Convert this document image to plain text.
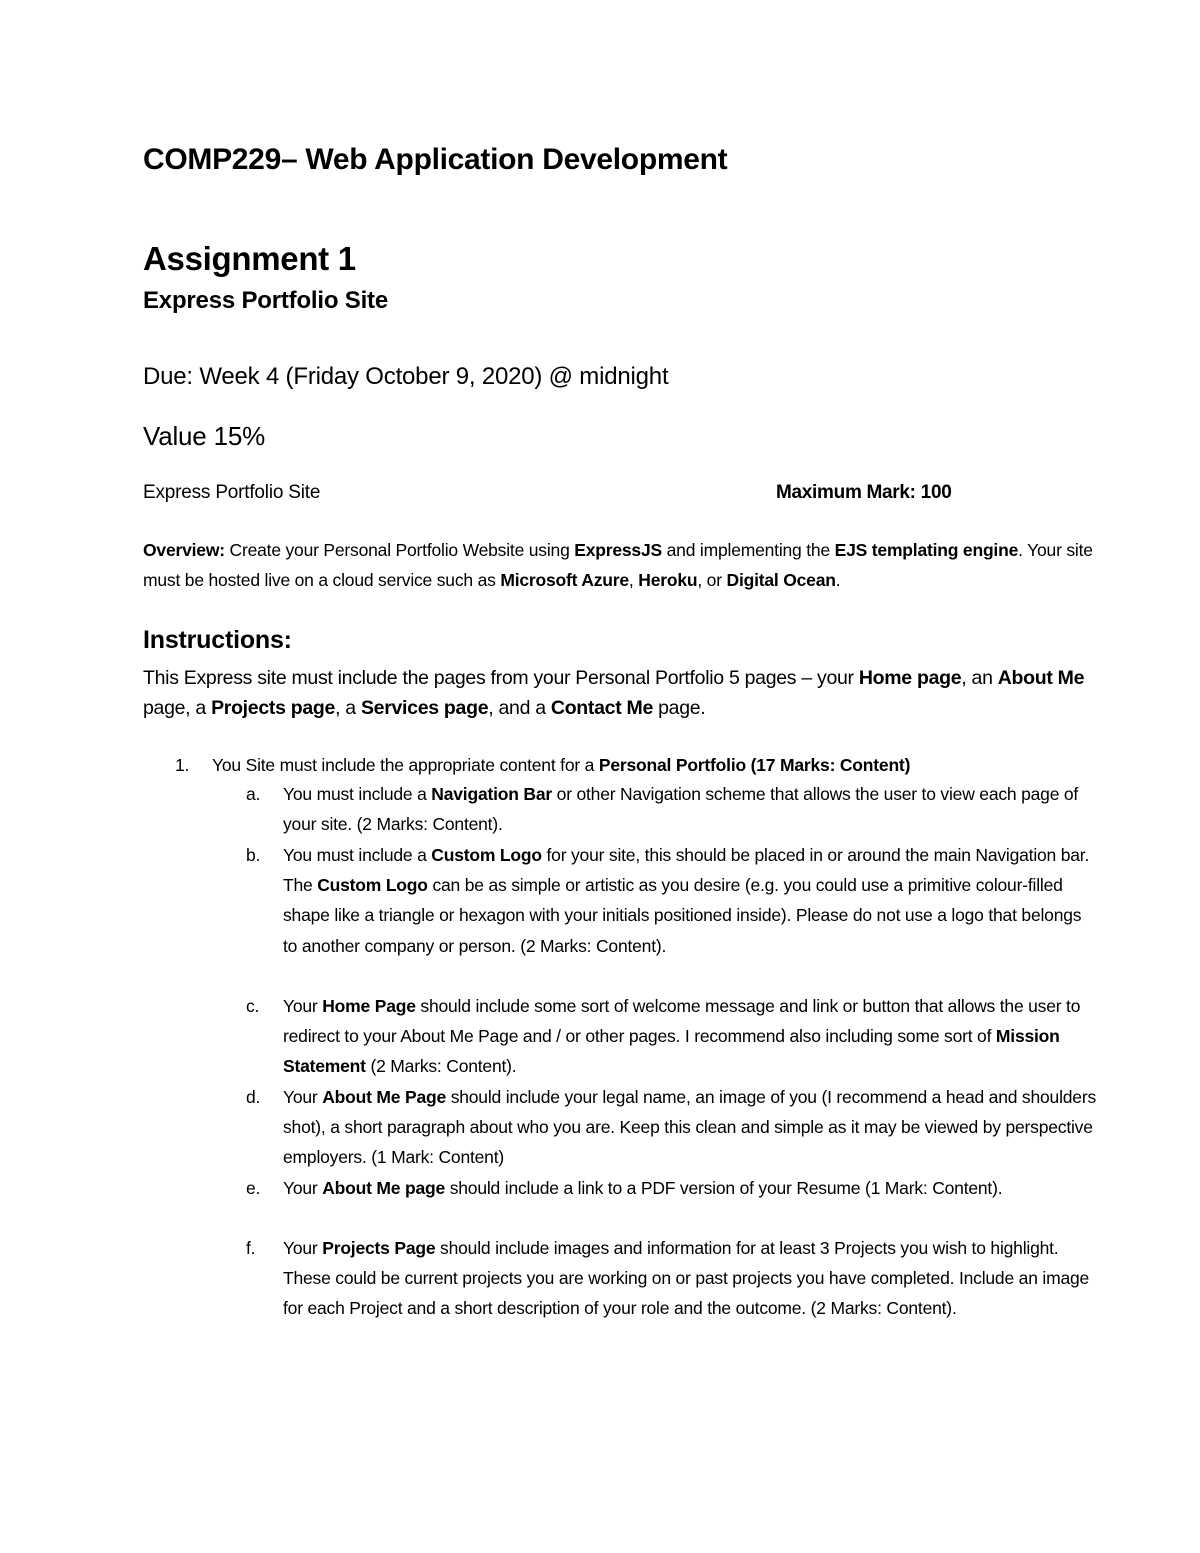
COMP229– Web Application Development
Assignment 1
Express Portfolio Site
Due: Week 4 (Friday October 9, 2020) @ midnight
Value 15%
Express Portfolio Site	Maximum Mark: 100
Overview: Create your Personal Portfolio Website using ExpressJS and implementing the EJS templating engine. Your site must be hosted live on a cloud service such as Microsoft Azure, Heroku, or Digital Ocean.
Instructions:
This Express site must include the pages from your Personal Portfolio 5 pages – your Home page, an About Me page, a Projects page, a Services page, and a Contact Me page.
1. You Site must include the appropriate content for a Personal Portfolio (17 Marks: Content)
a. You must include a Navigation Bar or other Navigation scheme that allows the user to view each page of your site. (2 Marks: Content).
b. You must include a Custom Logo for your site, this should be placed in or around the main Navigation bar. The Custom Logo can be as simple or artistic as you desire (e.g. you could use a primitive colour-filled shape like a triangle or hexagon with your initials positioned inside). Please do not use a logo that belongs to another company or person. (2 Marks: Content).
c. Your Home Page should include some sort of welcome message and link or button that allows the user to redirect to your About Me Page and / or other pages. I recommend also including some sort of Mission Statement (2 Marks: Content).
d. Your About Me Page should include your legal name, an image of you (I recommend a head and shoulders shot), a short paragraph about who you are. Keep this clean and simple as it may be viewed by perspective employers. (1 Mark: Content)
e. Your About Me page should include a link to a PDF version of your Resume (1 Mark: Content).
f. Your Projects Page should include images and information for at least 3 Projects you wish to highlight. These could be current projects you are working on or past projects you have completed. Include an image for each Project and a short description of your role and the outcome. (2 Marks: Content).
